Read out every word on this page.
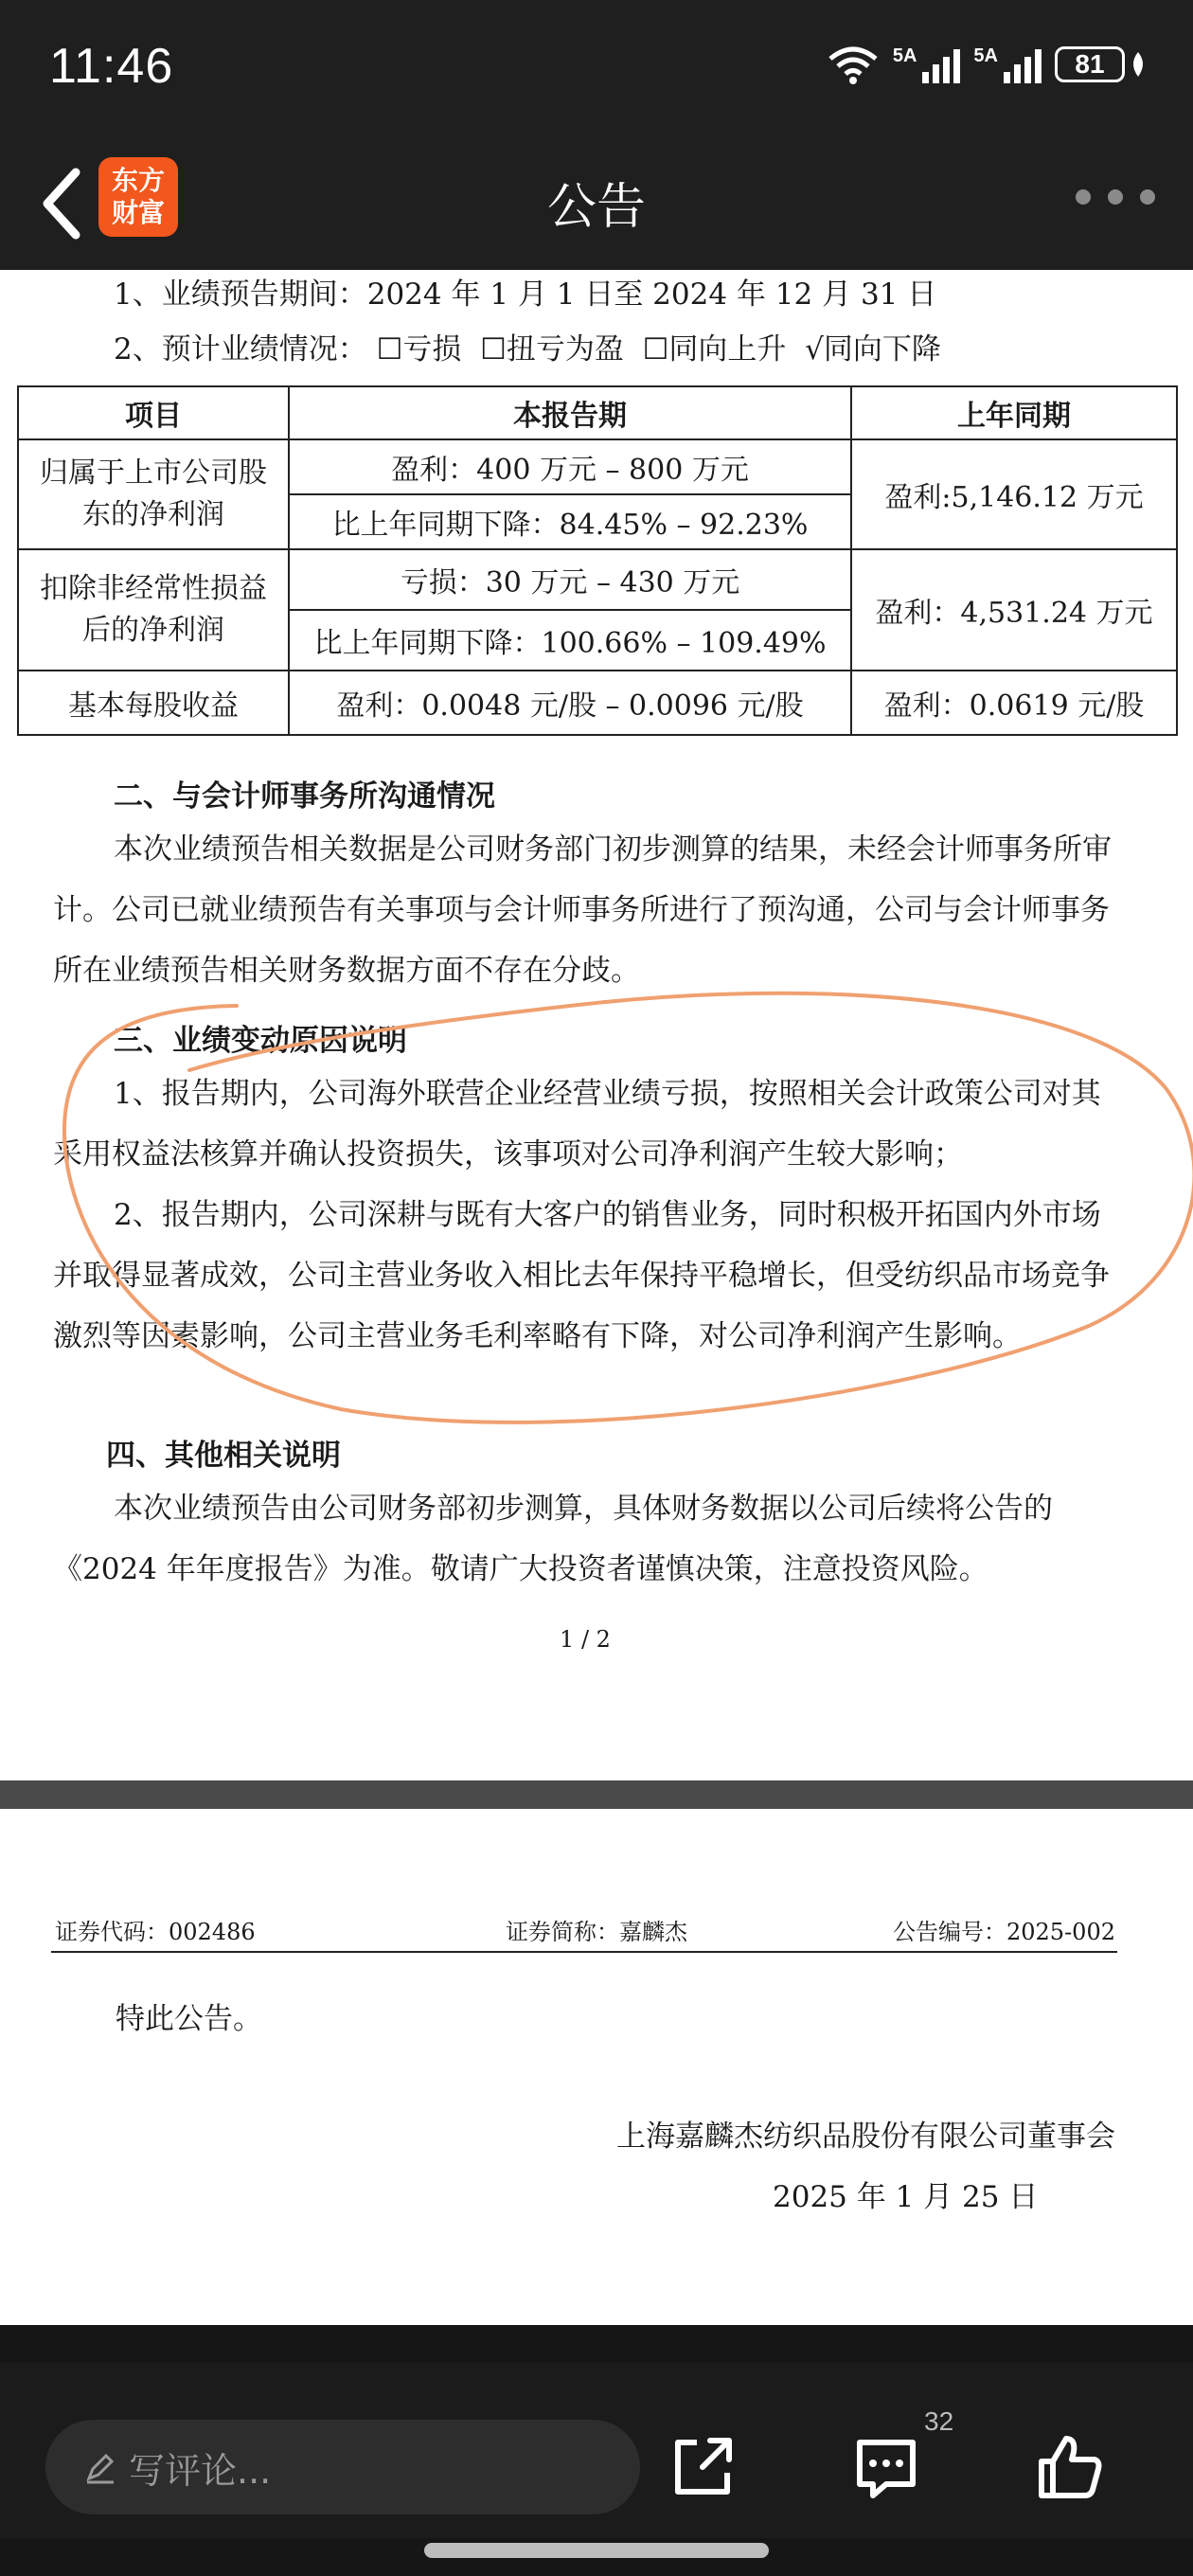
11:46	5A	5A	81
东方
财富	公告
1、业绩预告期间：2024 年 1 月 1 日至 2024 年 12 月 31 日
2、预计业绩情况： ☐亏损 ☐扭亏为盈 ☐同向上升 √同向下降
项目	本报告期	上年同期
归属于上市公司股东的净利润	盈利：400 万元 – 800 万元	盈利:5,146.12 万元
	比上年同期下降：84.45% – 92.23%	
扣除非经常性损益后的净利润	亏损：30 万元 – 430 万元	盈利：4,531.24 万元
	比上年同期下降：100.66% – 109.49%	
基本每股收益	盈利：0.0048 元/股 – 0.0096 元/股	盈利：0.0619 元/股
二、与会计师事务所沟通情况
本次业绩预告相关数据是公司财务部门初步测算的结果，未经会计师事务所审计。公司已就业绩预告有关事项与会计师事务所进行了预沟通，公司与会计师事务所在业绩预告相关财务数据方面不存在分歧。
三、业绩变动原因说明
1、报告期内，公司海外联营企业经营业绩亏损，按照相关会计政策公司对其采用权益法核算并确认投资损失，该事项对公司净利润产生较大影响；
2、报告期内，公司深耕与既有大客户的销售业务，同时积极开拓国内外市场并取得显著成效，公司主营业务收入相比去年保持平稳增长，但受纺织品市场竞争激烈等因素影响，公司主营业务毛利率略有下降，对公司净利润产生影响。
四、其他相关说明
本次业绩预告由公司财务部初步测算，具体财务数据以公司后续将公告的《2024 年年度报告》为准。敬请广大投资者谨慎决策，注意投资风险。
1 / 2
证券代码：002486	证券简称：嘉麟杰	公告编号：2025-002
特此公告。
上海嘉麟杰纺织品股份有限公司董事会
2025 年 1 月 25 日
写评论...
32
